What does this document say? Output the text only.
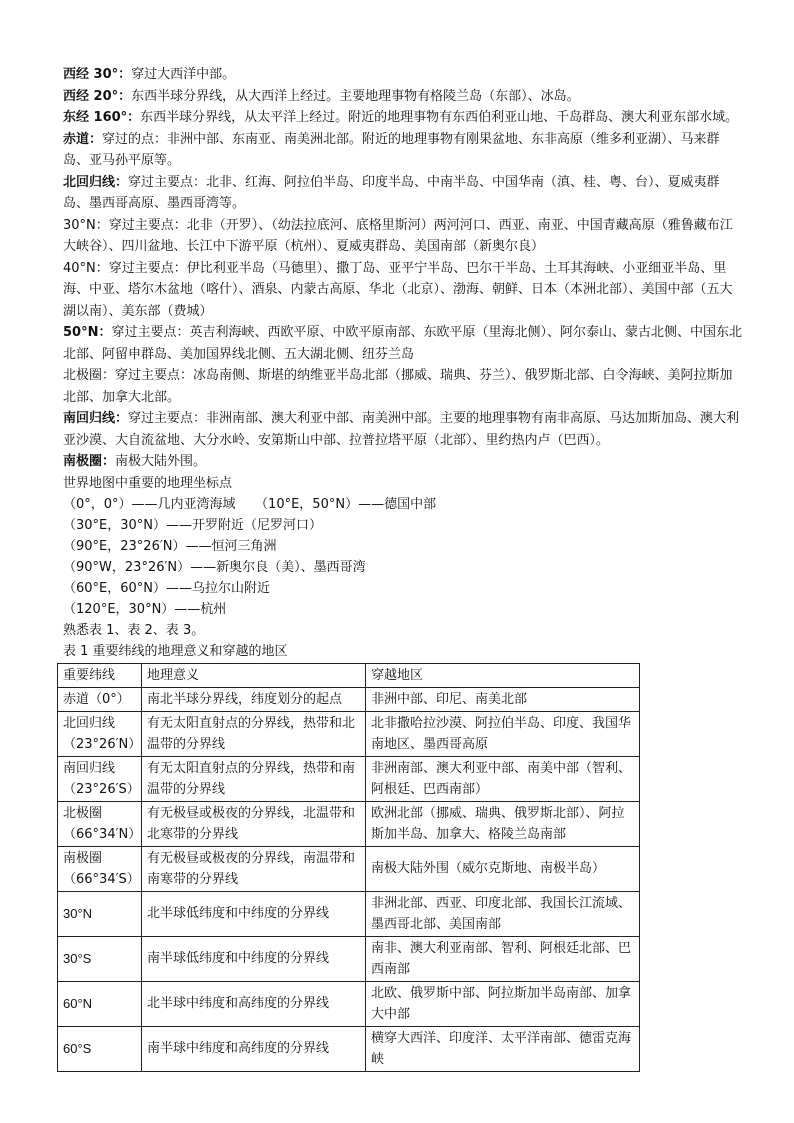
西经 30°：穿过大西洋中部。

西经 20°：东西半球分界线，从大西洋上经过。主要地理事物有格陵兰岛（东部）、冰岛。

东经 160°：东西半球分界线，从太平洋上经过。附近的地理事物有东西伯利亚山地、千岛群岛、澳大利亚东部水域。

赤道：穿过的点：非洲中部、东南亚、南美洲北部。附近的地理事物有刚果盆地、东非高原（维多利亚湖）、马来群岛、亚马孙平原等。

北回归线：穿过主要点：北非、红海、阿拉伯半岛、印度半岛、中南半岛、中国华南（滇、桂、粤、台）、夏威夷群岛、墨西哥高原、墨西哥湾等。

30°N：穿过主要点：北非（开罗）、（幼法拉底河、底格里斯河）两河河口、西亚、南亚、中国青藏高原（雅鲁藏布江大峡谷）、四川盆地、长江中下游平原（杭州）、夏威夷群岛、美国南部（新奥尔良）

40°N：穿过主要点：伊比利亚半岛（马德里）、撒丁岛、亚平宁半岛、巴尔干半岛、土耳其海峡、小亚细亚半岛、里海、中亚、塔尔木盆地（喀什）、酒泉、内蒙古高原、华北（北京）、渤海、朝鲜、日本（本洲北部）、美国中部（五大湖以南）、美东部（费城）

50°N：穿过主要点：英吉利海峡、西欧平原、中欧平原南部、东欧平原（里海北侧）、阿尔泰山、蒙古北侧、中国东北北部、阿留申群岛、美加国界线北侧、五大湖北侧、纽芬兰岛

北极圈：穿过主要点：冰岛南侧、斯堪的纳维亚半岛北部（挪威、瑞典、芬兰）、俄罗斯北部、白令海峡、美阿拉斯加北部、加拿大北部。

南回归线：穿过主要点：非洲南部、澳大利亚中部、南美洲中部。主要的地理事物有南非高原、马达加斯加岛、澳大利亚沙漠、大自流盆地、大分水岭、安第斯山中部、拉普拉塔平原（北部）、里约热内卢（巴西）。

南极圈：南极大陆外围。

世界地图中重要的地理坐标点

（0°，0°）——几内亚湾海域　　（10°E，50°N）——德国中部

（30°E，30°N）——开罗附近（尼罗河口）

（90°E，23°26′N）——恒河三角洲

（90°W，23°26′N）——新奥尔良（美）、墨西哥湾

（60°E，60°N）——乌拉尔山附近

（120°E，30°N）——杭州

熟悉表 1、表 2、表 3。

表 1 重要纬线的地理意义和穿越的地区

重要纬线	地理意义	穿越地区
赤道（0°）	南北半球分界线，纬度划分的起点	非洲中部、印尼、南美北部
北回归线（23°26′N）	有无太阳直射点的分界线，热带和北温带的分界线	北非撒哈拉沙漠、阿拉伯半岛、印度、我国华南地区、墨西哥高原
南回归线（23°26′S）	有无太阳直射点的分界线，热带和南温带的分界线	非洲南部、澳大利亚中部、南美中部（智利、阿根廷、巴西南部）
北极圈（66°34′N）	有无极昼或极夜的分界线，北温带和北寒带的分界线	欧洲北部（挪威、瑞典、俄罗斯北部）、阿拉斯加半岛、加拿大、格陵兰岛南部
南极圈（66°34′S）	有无极昼或极夜的分界线，南温带和南寒带的分界线	南极大陆外围（威尔克斯地、南极半岛）
30°N	北半球低纬度和中纬度的分界线	非洲北部、西亚、印度北部、我国长江流域、墨西哥北部、美国南部
30°S	南半球低纬度和中纬度的分界线	南非、澳大利亚南部、智利、阿根廷北部、巴西南部
60°N	北半球中纬度和高纬度的分界线	北欧、俄罗斯中部、阿拉斯加半岛南部、加拿大中部
60°S	南半球中纬度和高纬度的分界线	横穿大西洋、印度洋、太平洋南部、德雷克海峡
